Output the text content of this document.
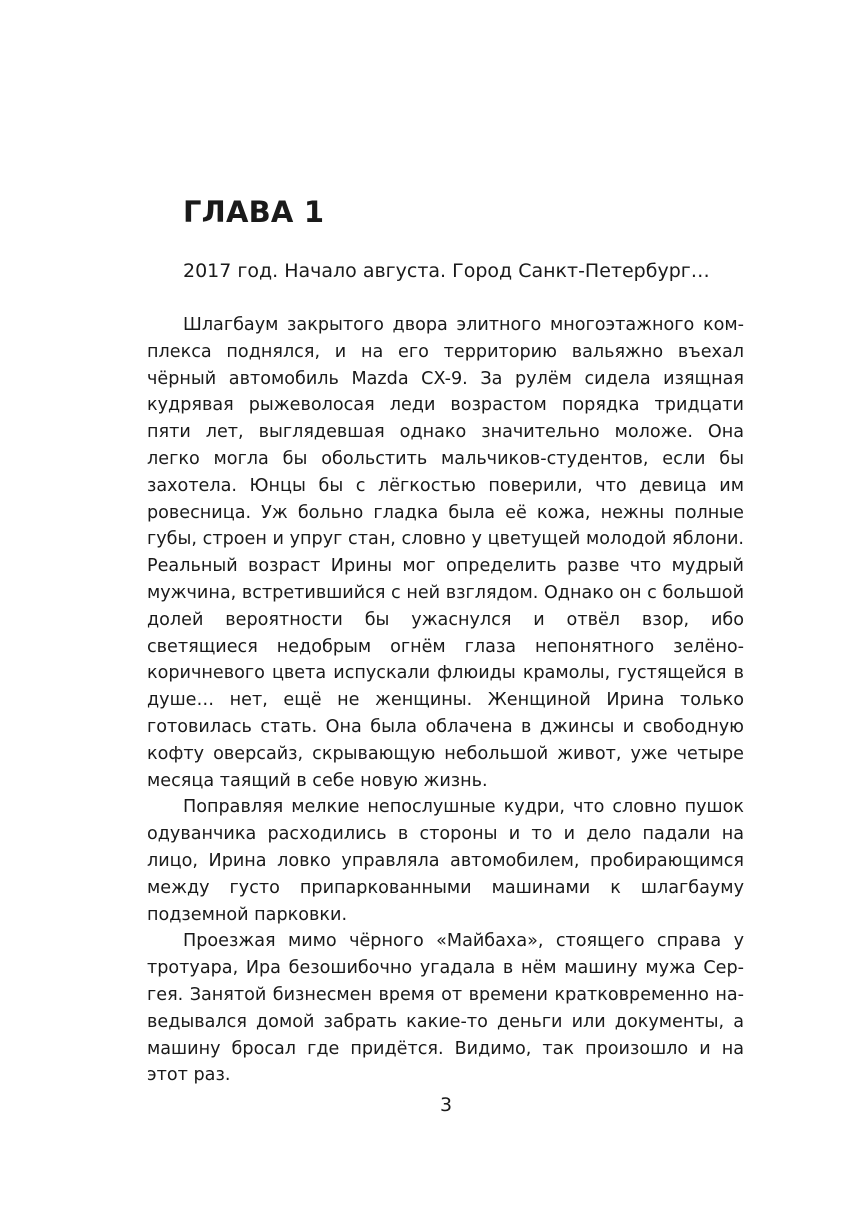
ГЛАВА 1

2017 год. Начало августа. Город Санкт-Петербург…

Шлагбаум закрытого двора элитного многоэтажного комплекса поднялся, и на его территорию вальяжно въехал чёрный автомобиль Mazda CX-9. За рулём сидела изящная кудрявая рыжеволосая леди возрастом порядка тридцати пяти лет, выглядевшая однако значительно моложе. Она легко могла бы обольстить мальчиков-студентов, если бы захотела. Юнцы бы с лёгкостью поверили, что девица им ровесница. Уж больно гладка была её кожа, нежны полные губы, строен и упруг стан, словно у цветущей молодой яблони. Реальный возраст Ирины мог определить разве что мудрый мужчина, встретившийся с ней взглядом. Однако он с большой долей вероятности бы ужаснулся и отвёл взор, ибо светящиеся недобрым огнём глаза непонятного зелёно-коричневого цвета испускали флюиды крамолы, густящейся в душе… нет, ещё не женщины. Женщиной Ирина только готовилась стать. Она была облачена в джинсы и свободную кофту оверсайз, скрывающую небольшой живот, уже четыре месяца таящий в себе новую жизнь.

Поправляя мелкие непослушные кудри, что словно пушок одуванчика расходились в стороны и то и дело падали на лицо, Ирина ловко управляла автомобилем, пробирающимся между густо припаркованными машинами к шлагбауму подземной парковки.

Проезжая мимо чёрного «Майбаха», стоящего справа у тротуара, Ира безошибочно угадала в нём машину мужа Сергея. Занятой бизнесмен время от времени кратковременно наведывался домой забрать какие-то деньги или документы, а машину бросал где придётся. Видимо, так произошло и на этот раз.

3
